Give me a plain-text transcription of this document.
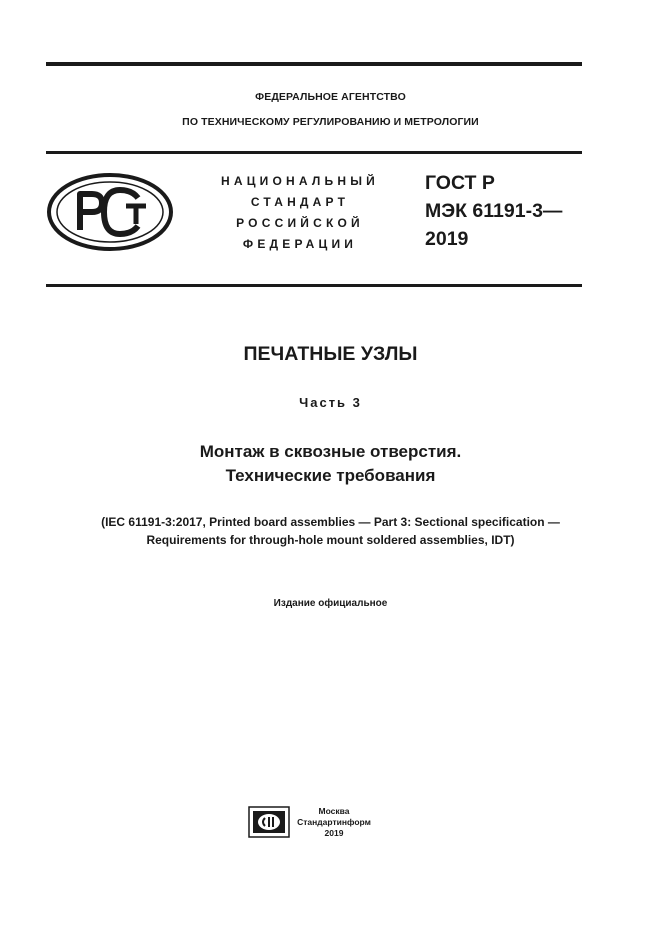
ФЕДЕРАЛЬНОЕ АГЕНТСТВО
ПО ТЕХНИЧЕСКОМУ РЕГУЛИРОВАНИЮ И МЕТРОЛОГИИ
НАЦИОНАЛЬНЫЙ
СТАНДАРТ
РОССИЙСКОЙ
ФЕДЕРАЦИИ
ГОСТ Р
МЭК 61191-3—
2019
ПЕЧАТНЫЕ УЗЛЫ
Часть 3
Монтаж в сквозные отверстия.
Технические требования
(IEC 61191-3:2017, Printed board assemblies — Part 3: Sectional specification —
Requirements for through-hole mount soldered assemblies, IDT)
Издание официальное
Москва
Стандартинформ
2019
